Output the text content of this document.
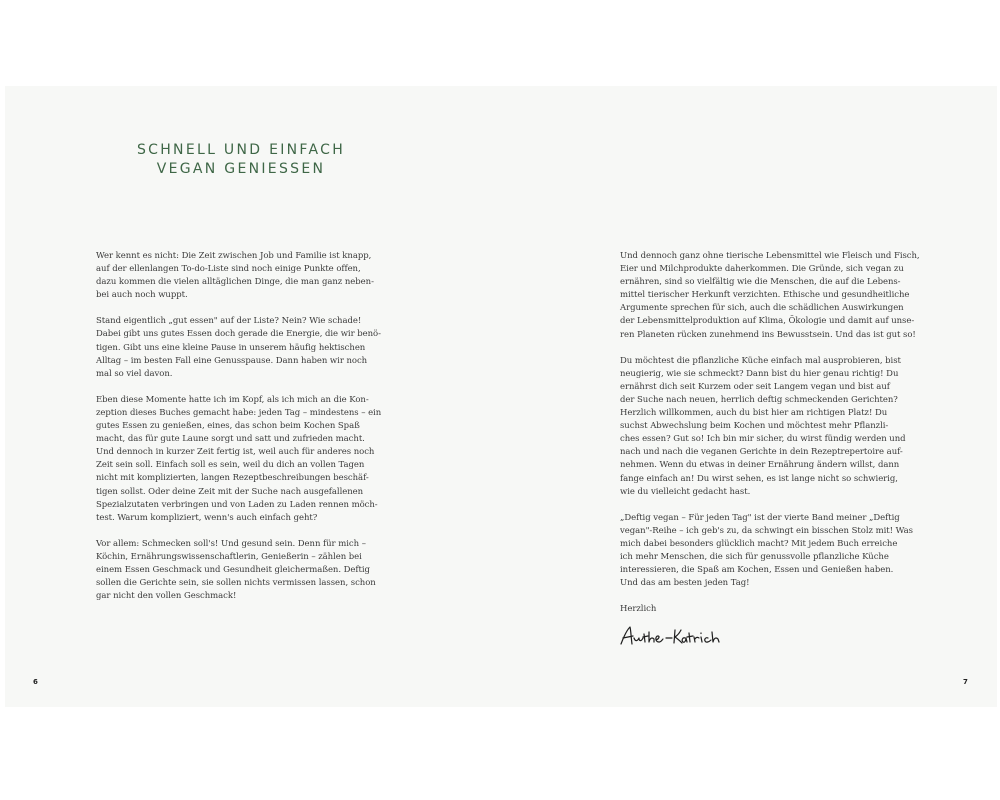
SCHNELL UND EINFACH
VEGAN GENIESSEN

Wer kennt es nicht: Die Zeit zwischen Job und Familie ist knapp,
auf der ellenlangen To-do-Liste sind noch einige Punkte offen,
dazu kommen die vielen alltäglichen Dinge, die man ganz neben-
bei auch noch wuppt.

Stand eigentlich „gut essen" auf der Liste? Nein? Wie schade!
Dabei gibt uns gutes Essen doch gerade die Energie, die wir benö-
tigen. Gibt uns eine kleine Pause in unserem häufig hektischen
Alltag – im besten Fall eine Genusspause. Dann haben wir noch
mal so viel davon.

Eben diese Momente hatte ich im Kopf, als ich mich an die Kon-
zeption dieses Buches gemacht habe: jeden Tag – mindestens – ein
gutes Essen zu genießen, eines, das schon beim Kochen Spaß
macht, das für gute Laune sorgt und satt und zufrieden macht.
Und dennoch in kurzer Zeit fertig ist, weil auch für anderes noch
Zeit sein soll. Einfach soll es sein, weil du dich an vollen Tagen
nicht mit komplizierten, langen Rezeptbeschreibungen beschäf-
tigen sollst. Oder deine Zeit mit der Suche nach ausgefallenen
Spezialzutaten verbringen und von Laden zu Laden rennen möch-
test. Warum kompliziert, wenn's auch einfach geht?

Vor allem: Schmecken soll's! Und gesund sein. Denn für mich –
Köchin, Ernährungswissenschaftlerin, Genießerin – zählen bei
einem Essen Geschmack und Gesundheit gleichermaßen. Deftig
sollen die Gerichte sein, sie sollen nichts vermissen lassen, schon
gar nicht den vollen Geschmack!

Und dennoch ganz ohne tierische Lebensmittel wie Fleisch und Fisch,
Eier und Milchprodukte daherkommen. Die Gründe, sich vegan zu
ernähren, sind so vielfältig wie die Menschen, die auf die Lebens-
mittel tierischer Herkunft verzichten. Ethische und gesundheitliche
Argumente sprechen für sich, auch die schädlichen Auswirkungen
der Lebensmittelproduktion auf Klima, Ökologie und damit auf unse-
ren Planeten rücken zunehmend ins Bewusstsein. Und das ist gut so!

Du möchtest die pflanzliche Küche einfach mal ausprobieren, bist
neugierig, wie sie schmeckt? Dann bist du hier genau richtig! Du
ernährst dich seit Kurzem oder seit Langem vegan und bist auf
der Suche nach neuen, herrlich deftig schmeckenden Gerichten?
Herzlich willkommen, auch du bist hier am richtigen Platz! Du
suchst Abwechslung beim Kochen und möchtest mehr Pflanzli-
ches essen? Gut so! Ich bin mir sicher, du wirst fündig werden und
nach und nach die veganen Gerichte in dein Rezeptrepertoire auf-
nehmen. Wenn du etwas in deiner Ernährung ändern willst, dann
fange einfach an! Du wirst sehen, es ist lange nicht so schwierig,
wie du vielleicht gedacht hast.

„Deftig vegan – Für jeden Tag" ist der vierte Band meiner „Deftig
vegan"-Reihe – ich geb's zu, da schwingt ein bisschen Stolz mit! Was
mich dabei besonders glücklich macht? Mit jedem Buch erreiche
ich mehr Menschen, die sich für genussvolle pflanzliche Küche
interessieren, die Spaß am Kochen, Essen und Genießen haben.
Und das am besten jeden Tag!

Herzlich

6	7
